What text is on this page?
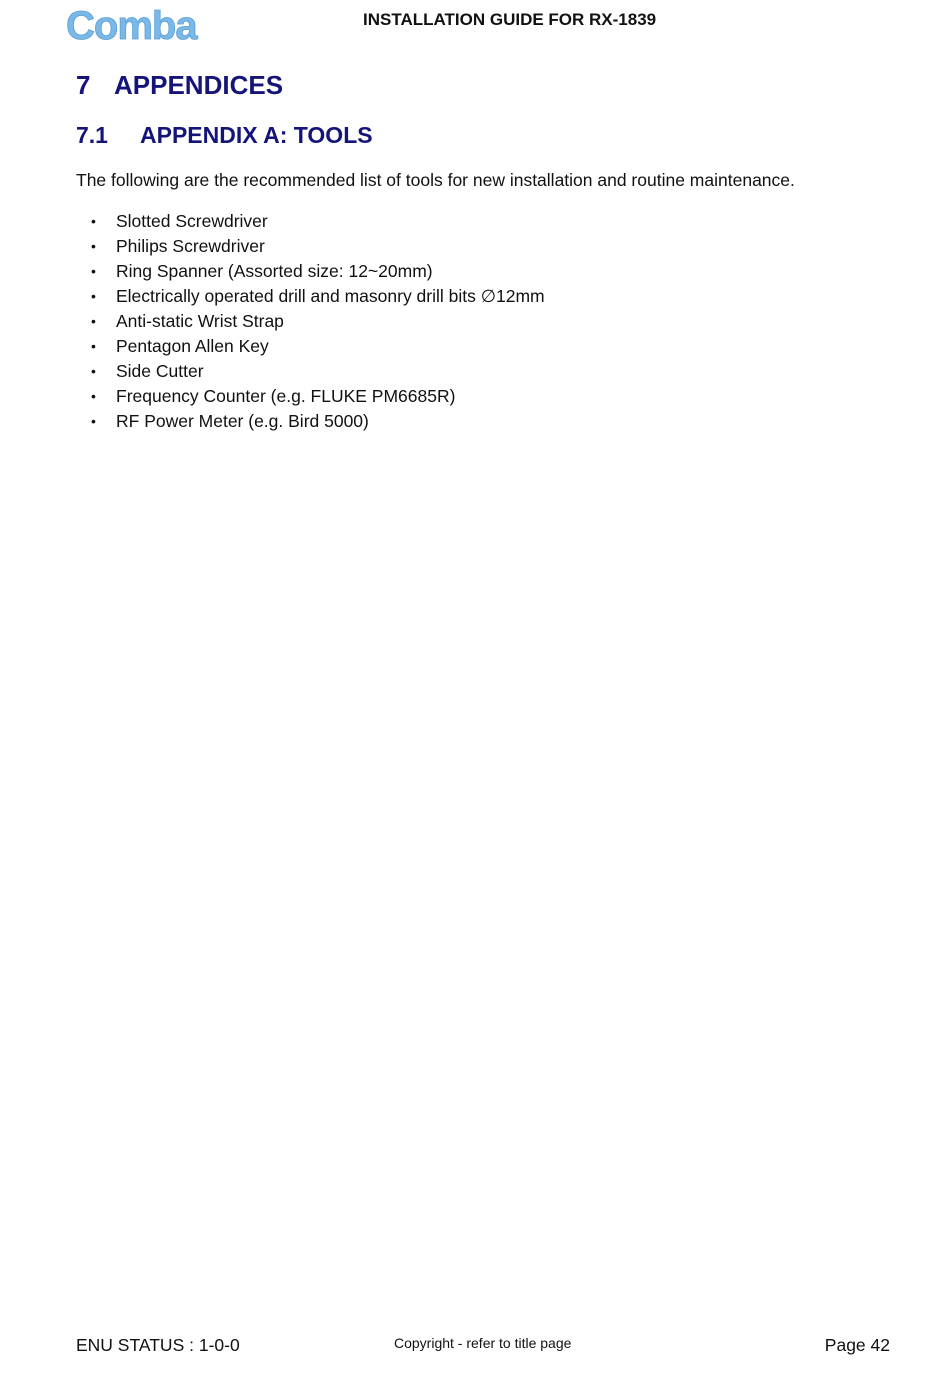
Comba	INSTALLATION GUIDE FOR RX-1839
7 APPENDICES
7.1 APPENDIX A: TOOLS
The following are the recommended list of tools for new installation and routine maintenance.
• Slotted Screwdriver
• Philips Screwdriver
• Ring Spanner (Assorted size: 12~20mm)
• Electrically operated drill and masonry drill bits ∅12mm
• Anti-static Wrist Strap
• Pentagon Allen Key
• Side Cutter
• Frequency Counter (e.g. FLUKE PM6685R)
• RF Power Meter (e.g. Bird 5000)
ENU STATUS : 1-0-0	Copyright - refer to title page	Page 42
